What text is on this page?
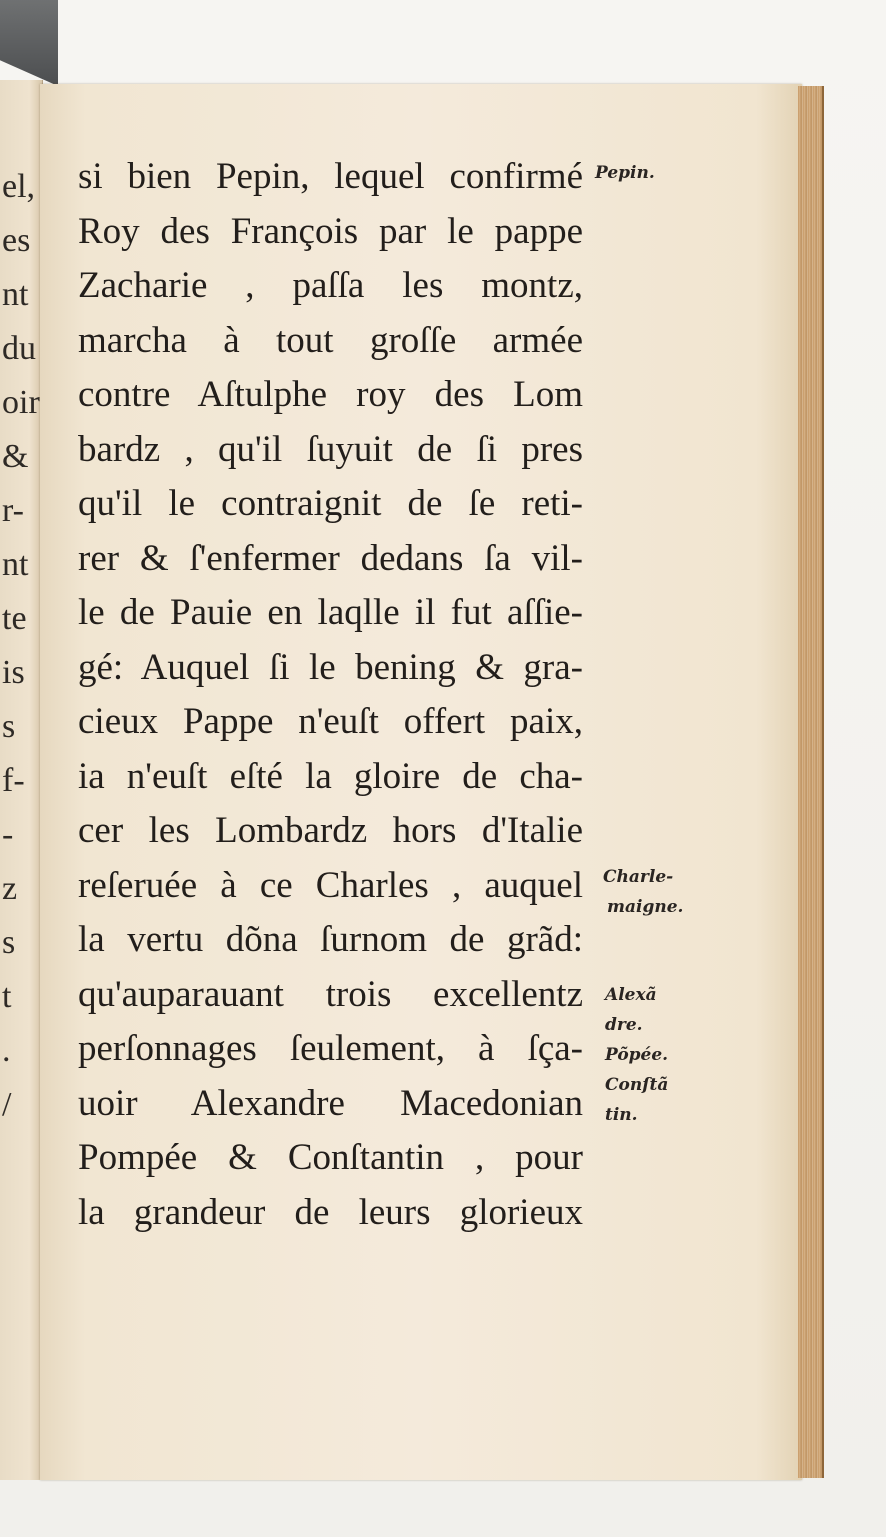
el,
es
nt
du
oir
&
r-
nt
te
is
s
f-
-
z
s
t
.
/
si bien Pepin, lequel confirmé
Roy des François par le pappe
Zacharie , paſſa les montz,
marcha à tout groſſe armée
contre Aſtulphe roy des Lom
bardz , qu'il ſuyuit de ſi pres
qu'il le contraignit de ſe reti-
rer & ſ'enfermer dedans ſa vil-
le de Pauie en laqlle il fut aſſie-
gé: Auquel ſi le bening & gra-
cieux Pappe n'euſt offert paix,
ia n'euſt eſté la gloire de cha-
cer les Lombardz hors d'Italie
reſeruée à ce Charles , auquel
la vertu dõna ſurnom de grãd:
qu'auparauant trois excellentz
perſonnages ſeulement, à ſça-
uoir Alexandre Macedonian
Pompée & Conſtantin , pour
la grandeur de leurs glorieux
Pepin.
Charle-
maigne.
Alexã
dre.
Põpée.
Conſtã
tin.
